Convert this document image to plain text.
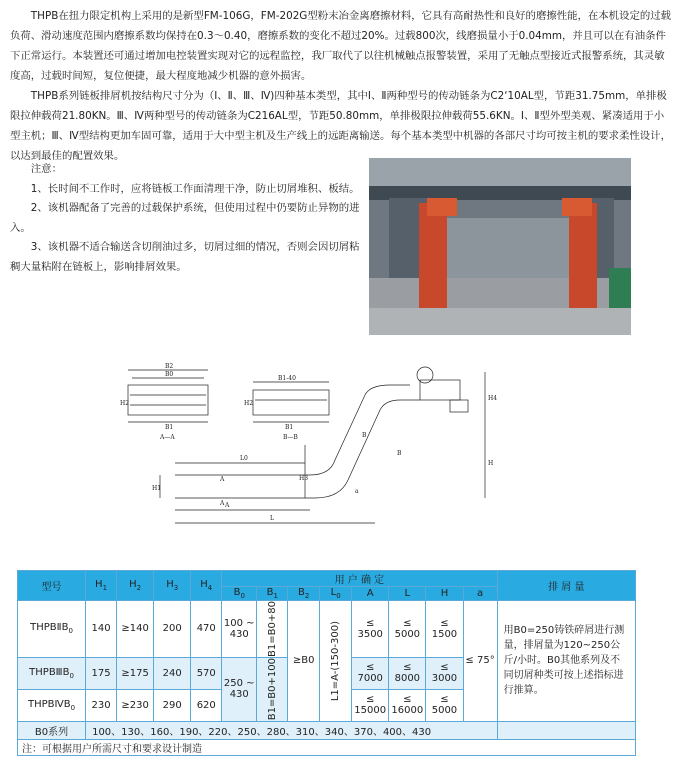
THPB在扭力限定机构上采用的是新型FM-106G，FM-202G型粉末冶金离磨擦材料，它具有高耐热性和良好的磨擦性能，在本机设定的过载负荷、滑动速度范围内磨擦系数均保持在0.3～0.40，磨擦系数的变化不超过20%。过载800次，线磨损量小于0.04mm，并且可以在有油条件下正常运行。本装置还可通过增加电控装置实现对它的远程监控，我厂取代了以往机械触点报警装置，采用了无触点型接近式报警系统，其灵敏度高，过载时间短，复位便捷，最大程度地减少机器的意外损害。

THPB系列链板排屑机按结构尺寸分为（Ⅰ、Ⅱ、Ⅲ、Ⅳ)四种基本类型，其中Ⅰ、Ⅱ两种型号的传动链条为C2‘10AL型，节距31.75mm，单排极限拉伸载荷21.80KN。Ⅲ、Ⅳ两种型号的传动链条为C216AL型，节距50.80mm，单排极限拉伸载荷55.6KN。Ⅰ、Ⅱ型外型美观、紧凑适用于小型主机；Ⅲ、Ⅳ型结构更加车固可靠，适用于大中型主机及生产线上的远距离输送。每个基本类型中机器的各部尺寸均可按主机的要求柔性设计，以达到最佳的配置效果。

注意：

1、长时间不工作时，应将链板工作面清理干净，防止切屑堆积、板结。

2、该机器配备了完善的过载保护系统，但使用过程中仍要防止异物的进入。

3、该机器不适合输送含切削油过多，切屑过细的情况，否则会因切屑粘稠大量粘附在链板上，影响排屑效果。

B2
B0
B1
A—A
H2
B1-40
B1
B—B
H2
L0
H1
H3
H4
H
A
L
a
B
B
A
A
型号	$H_1$	$H_2$	$H_3$	$H_4$	用 户 确 定								排 屑 量
					$B_0$	$B_1$	$B_2$	$L_0$	A	L	H	a	
$THPBⅡB_0$	140	≥140	200	470	100 ~ 430	B1=B0+80	≥B0	L1=A-(150-300)	≤ 3500	≤ 5000	≤ 1500	≤ 75°	用B0=250铸铁碎屑进行测量，排屑量为120~250公斤/小时。B0其他系列及不同切屑种类可按上述指标进行推算。
$THPBⅢB_0$	175	≥175	240	570	250 ~ 430	B1=B0+100			≤ 7000	≤ 8000	≤ 3000		
$THPBⅣB_0$	230	≥230	290	620					≤ 15000	≤ 16000	≤ 5000		
B0系列	100、130、160、190、220、250、280、310、340、370、400、430												
注：可根据用户所需尺寸和要求设计制造													
